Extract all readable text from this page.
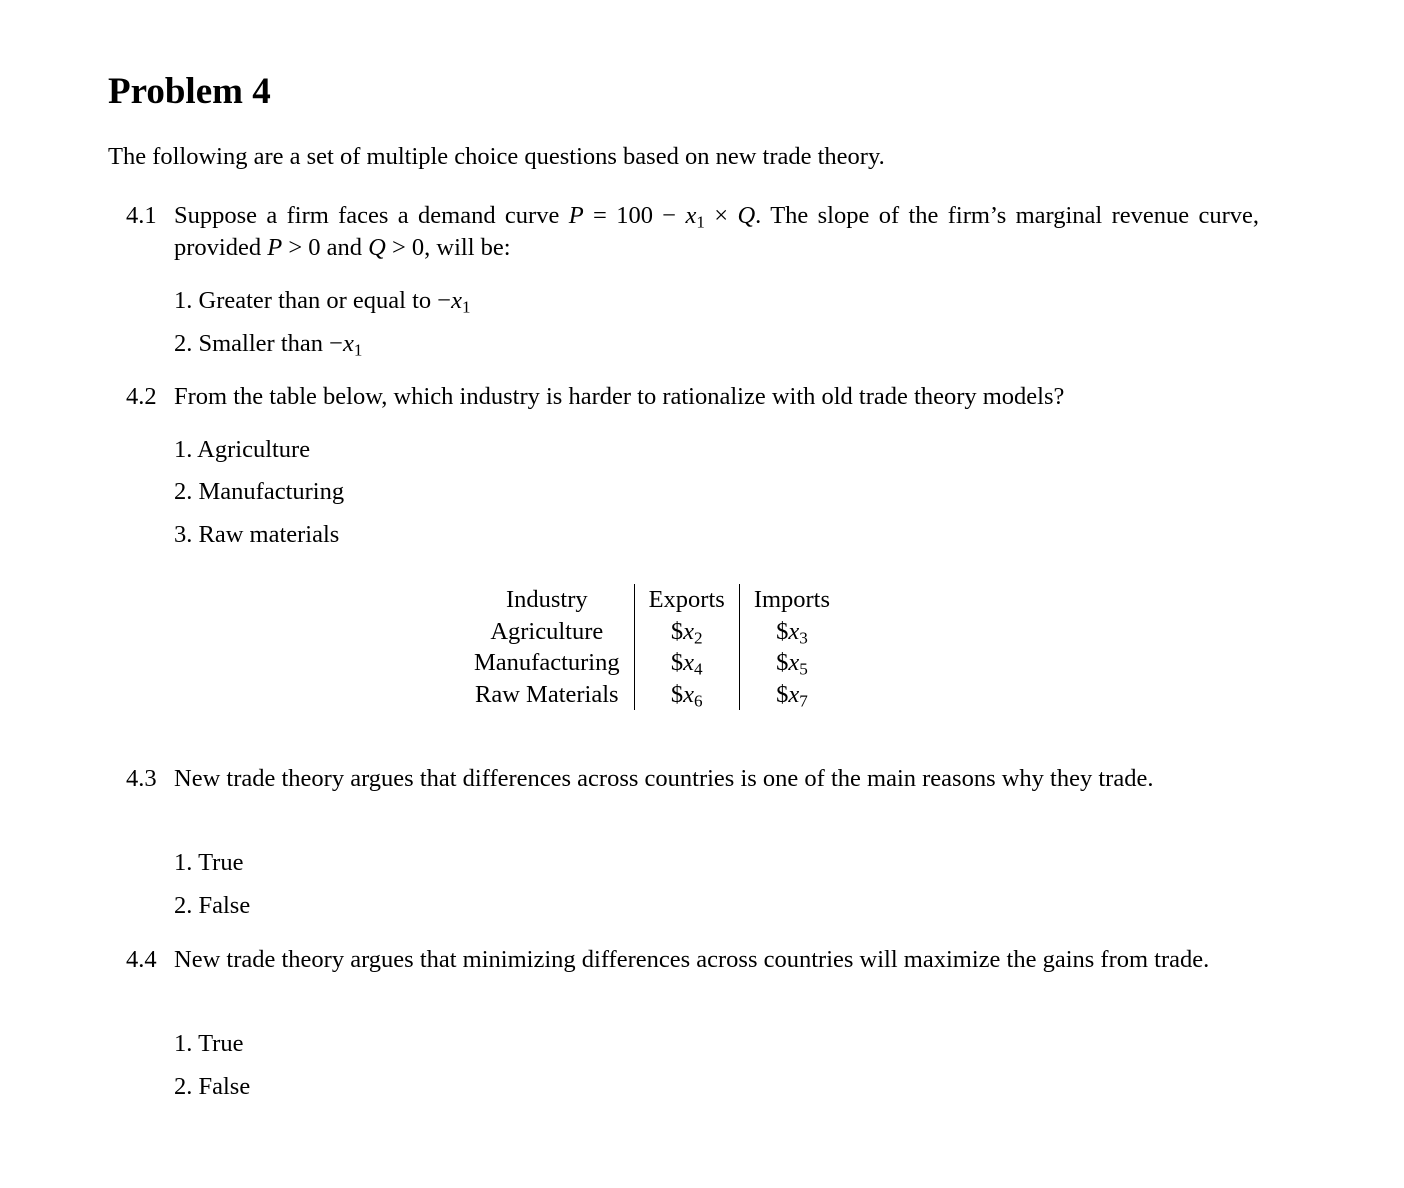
Problem 4
The following are a set of multiple choice questions based on new trade theory.
4.1 Suppose a firm faces a demand curve $P = 100 - x_1 \times Q$. The slope of the firm’s marginal revenue curve, provided P > 0 and Q > 0, will be:
1. Greater than or equal to $-x_1$
2. Smaller than $-x_1$
4.2 From the table below, which industry is harder to rationalize with old trade theory models?
1. Agriculture
2. Manufacturing
3. Raw materials
Industry	Exports	Imports
Agriculture	$\$x_2$	$\$x_3$
Manufacturing	$\$x_4$	$\$x_5$
Raw Materials	$\$x_6$	$\$x_7$
4.3 New trade theory argues that differences across countries is one of the main reasons why they trade.
1. True
2. False
4.4 New trade theory argues that minimizing differences across countries will maximize the gains from trade.
1. True
2. False
